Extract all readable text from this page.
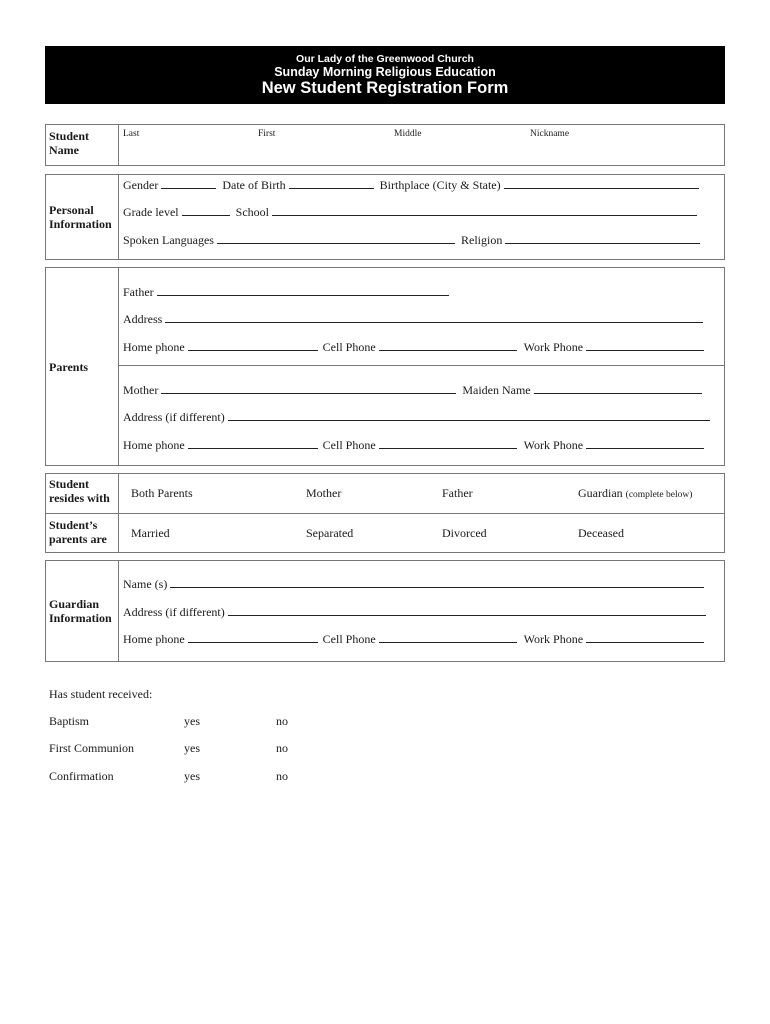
Our Lady of the Greenwood Church
Sunday Morning Religious Education
New Student Registration Form
Student Name
Last	First	Middle	Nickname
Personal Information
Gender	Date of Birth	Birthplace (City & State)
Grade level	School
Spoken Languages	Religion
Parents
Father
Address
Home phone	Cell Phone	Work Phone
Mother	Maiden Name
Address (if different)
Home phone	Cell Phone	Work Phone
Student resides with	Both Parents	Mother	Father	Guardian (complete below)
Student’s parents are	Married	Separated	Divorced	Deceased
Guardian Information
Name (s)
Address (if different)
Home phone	Cell Phone	Work Phone
Has student received:
Baptism	yes	no
First Communion	yes	no
Confirmation	yes	no
